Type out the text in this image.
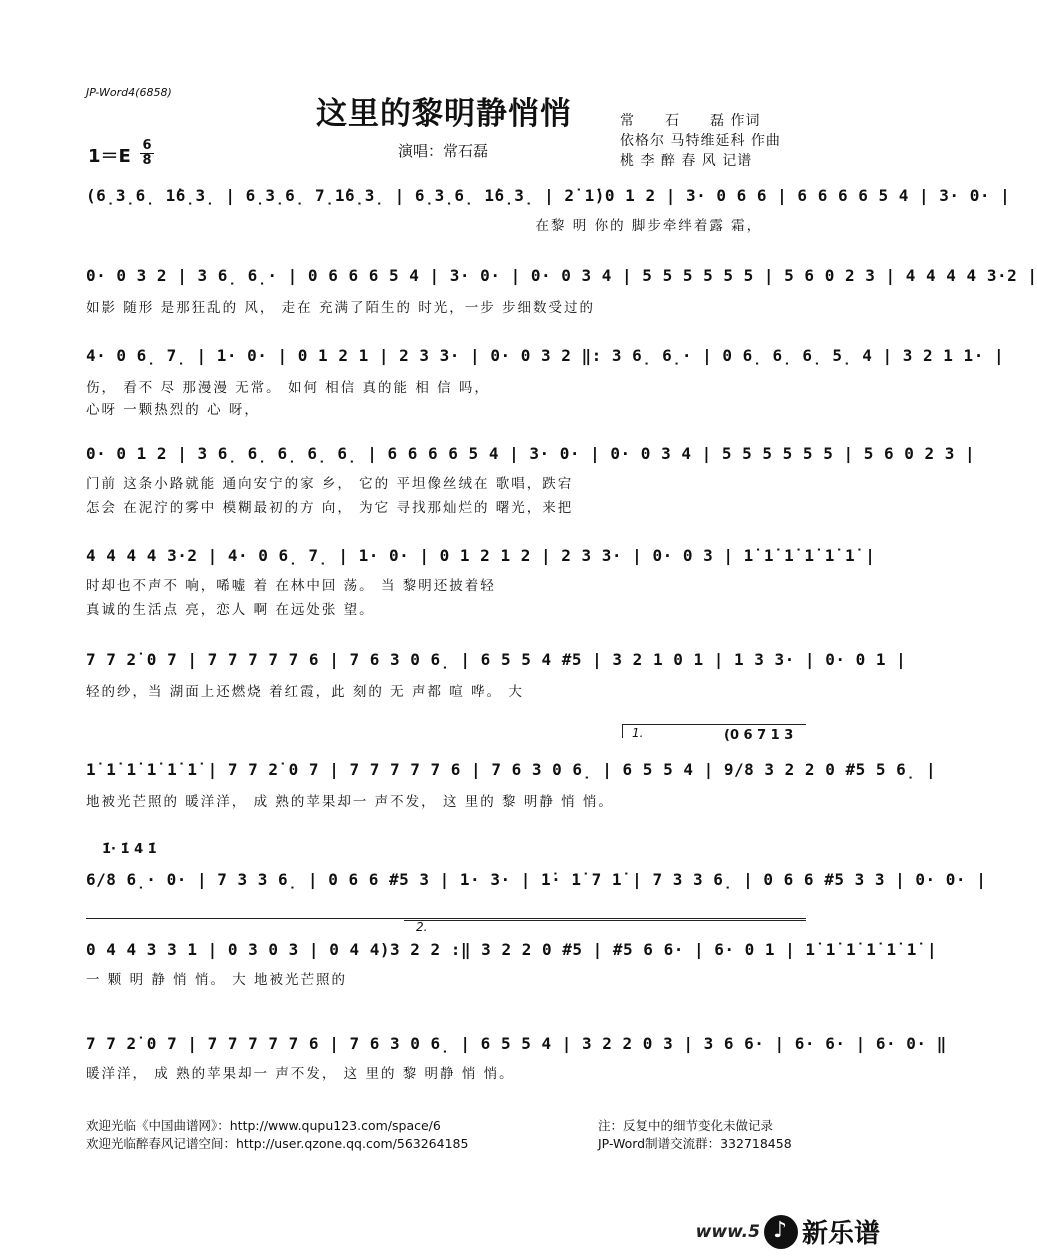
JP-Word4(6858)
这里的黎明静悄悄
1＝E
6
8
演唱：常石磊
常　　石　　磊 作词
依格尔 马特维延科 作曲
桃 李 醉 春 风 记谱
(6̣3̣6̣ 1̇6̣3̣ | 6̣3̣6̣ 7̣1̇6̣3̣ | 6̣3̣6̣ 1̇6̣3̣ | 2̇ 1̇)0 1 2 | 3· 0 6 6 | 6 6 6 6 5 4 | 3· 0· |
　　　　　　　　　　　　　　　　　　　　　　　　　　　　　在黎 明 你的 脚步牵绊着露 霜，
0· 0 3 2 | 3 6̣ 6̣· | 0 6 6 6 5 4 | 3· 0· | 0· 0 3 4 | 5 5 5 5 5 5 | 5 6 0 2 3 | 4 4 4 4 3·2 |
如影 随形 是那狂乱的 风， 走在 充满了陌生的 时光，一步 步细数受过的
4· 0 6̣ 7̣ | 1· 0· | 0 1 2 1 | 2 3 3· | 0· 0 3 2 ‖: 3 6̣ 6̣· | 0 6̣ 6̣ 6̣ 5̣ 4 | 3 2 1 1· |
伤， 看不 尽 那漫漫 无常。 如何 相信 真的能 相 信 吗，
心呀 一颗热烈的 心 呀，
0· 0 1 2 | 3 6̣ 6̣ 6̣ 6̣ 6̣ | 6 6 6 6 5 4 | 3· 0· | 0· 0 3 4 | 5 5 5 5 5 5 | 5 6 0 2 3 |
门前 这条小路就能 通向安宁的家 乡， 它的 平坦像丝绒在 歌唱，跌宕
怎会 在泥泞的雾中 模糊最初的方 向， 为它 寻找那灿烂的 曙光，来把
4 4 4 4 3·2 | 4· 0 6̣ 7̣ | 1· 0· | 0 1 2 1 2 | 2 3 3· | 0· 0 3 | 1̇ 1̇ 1̇ 1̇ 1̇ 1̇ |
时却也不声不 响，唏嘘 着 在林中回 荡。 当 黎明还披着轻
真诚的生活点 亮，恋人 啊 在远处张 望。
7 7 2̇ 0 7 | 7 7 7 7 7 6 | 7 6 3 0 6̣ | 6 5 5 4 #5 | 3 2 1 0 1 | 1 3 3· | 0· 0 1 |
轻的纱，当 湖面上还燃烧 着红霞，此 刻的 无 声都 喧 哗。 大
1.	(0 6 7 1 3
1̇ 1̇ 1̇ 1̇ 1̇ 1̇ | 7 7 2̇ 0 7 | 7 7 7 7 7 6 | 7 6 3 0 6̣ | 6 5 5 4 | 9/8 3 2 2 0 #5 5 6̣ |
地被光芒照的 暖洋洋， 成 熟的苹果却一 声不发， 这 里的 黎 明静 悄 悄。
1̇· 1̇ 4 1̇
6/8 6̣· 0· | 7 3 3 6̣ | 0 6 6 #5 3 | 1· 3· | 1̇· 1̇ 7 1̇ | 7 3 3 6̣ | 0 6 6 #5 3 3 | 0· 0· |
2.
0 4 4 3 3 1 | 0 3 0 3 | 0 4 4)3 2 2 :‖ 3 2 2 0 #5 | #5 6 6· | 6· 0 1 | 1̇ 1̇ 1̇ 1̇ 1̇ 1̇ |
一 颗 明 静 悄 悄。 大 地被光芒照的
7 7 2̇ 0 7 | 7 7 7 7 7 6 | 7 6 3 0 6̣ | 6 5 5 4 | 3 2 2 0 3 | 3 6 6· | 6· 6· | 6· 0· ‖
暖洋洋， 成 熟的苹果却一 声不发， 这 里的 黎 明静 悄 悄。
欢迎光临《中国曲谱网》：http://www.qupu123.com/space/6
欢迎光临醉春风记谱空间：http://user.qzone.qq.com/563264185
注：反复中的细节变化未做记录
JP-Word制谱交流群：332718458
www.5
♪ 新乐谱
